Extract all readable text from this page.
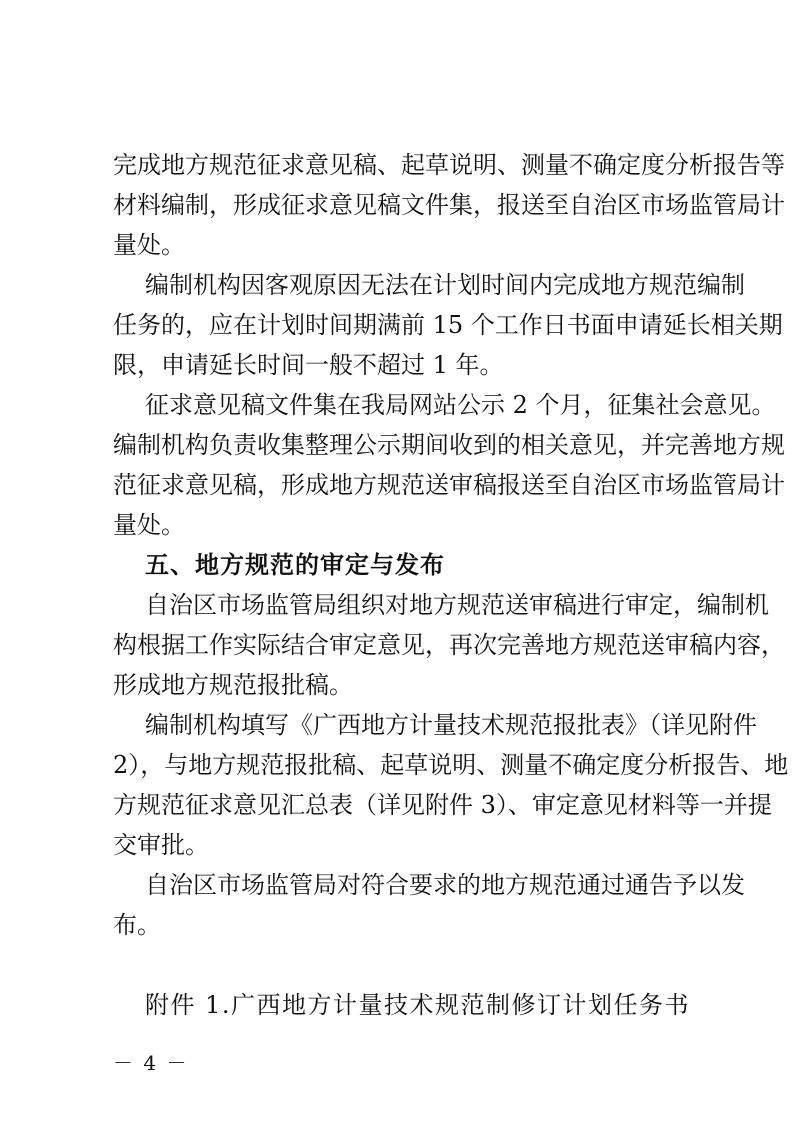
完成地方规范征求意见稿、起草说明、测量不确定度分析报告等
材料编制，形成征求意见稿文件集，报送至自治区市场监管局计
量处。
编制机构因客观原因无法在计划时间内完成地方规范编制
任务的，应在计划时间期满前 15 个工作日书面申请延长相关期
限，申请延长时间一般不超过 1 年。
征求意见稿文件集在我局网站公示 2 个月，征集社会意见。
编制机构负责收集整理公示期间收到的相关意见，并完善地方规
范征求意见稿，形成地方规范送审稿报送至自治区市场监管局计
量处。
五、地方规范的审定与发布
自治区市场监管局组织对地方规范送审稿进行审定，编制机
构根据工作实际结合审定意见，再次完善地方规范送审稿内容，
形成地方规范报批稿。
编制机构填写《广西地方计量技术规范报批表》（详见附件
2），与地方规范报批稿、起草说明、测量不确定度分析报告、地
方规范征求意见汇总表（详见附件 3）、审定意见材料等一并提
交审批。
自治区市场监管局对符合要求的地方规范通过通告予以发
布。
附件 1.广西地方计量技术规范制修订计划任务书
－ 4 －
